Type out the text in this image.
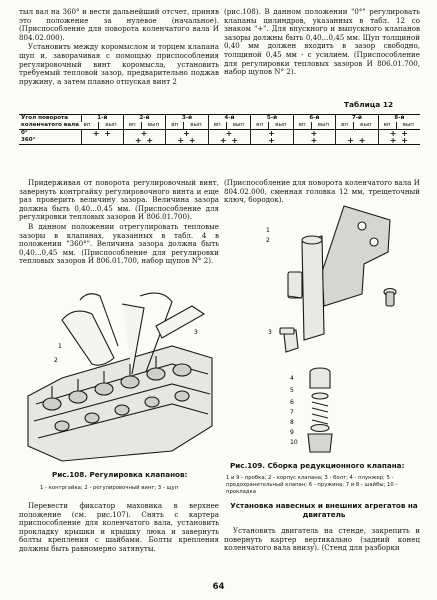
тыл вал на 360° и вести дальнейший отсчет, приняв это положение за нулевое (начальное). (Приспособление для поворота коленчатого вала И 804.02.000).

Установить между коромыслом и торцем клапана щуп и, заворачивая с помощью приспособления регулировочный винт коромысла, установить требуемый тепловой зазор, предварительно поджав пружину, а затем плавно отпуская винт 2

(рис.108). В данном положении "0°" регулировать клапаны цилиндров, указанных в табл. 12 со знаком "+". Для впускного и выпускного клапанов зазоры должны быть 0,40...0,45 мм. Щуп толщиной 0,40 мм должен входить в зазор свободно, толщиной 0,45 мм - с усилием. (Приспособление для регулировки тепловых зазоров И 806.01.700, набор щупов N° 2).

Таблица 12
Угол поворота коленчатого вала	1-й		2-й		3-й		4-й		5-й		6-й		7-й		8-й	
	вп	вып	вп	вып	вп	вып	вп	вып	вп	вып	вп	вып	вп	вып	вп	вып
0°	+ +		+		+		+		+		+				+ +	
360°			+ +		+ +		+ +		+		+		+ +		+ +	

Придерживая от поворота регулировочный винт, завернуть контргайку регулировочного винта и еще раз проверить величину зазора. Величина зазора должна быть 0,40...0,45 мм. (Приспособление для регулировки тепловых зазоров И 806.01.700).

В данном положении отрегулировать тепловые зазоры в клапанах, указанных в табл. 4 в положении "360°". Величина зазора должна быть 0,40...0,45 мм. (Приспособление для регулировки тепловых зазоров И 806.01.700, набор щупов N° 2).

(Приспособление для поворота коленчатого вала И 804.02.000, сменная головка 12 мм, трещеточный ключ, бородок).

1
2
3
Рис.108. Регулировка клапанов:
1 - контргайка; 2 - регулировочный винт; 3 - щуп
1
2
3
4
5
6
7
8
9
10
Рис.109. Сборка редукционного клапана:
1 и 9 - пробка; 2 - корпус клапана; 3 - болт; 4 - плунжер; 5 - предохранительный клапан; 6 - пружина; 7 и 8 - шайбы; 10 - прокладка

Перевести фиксатор маховика в верхнее положение (см. рис.107). Снять с картера приспособление для коленчатого вала, установить прокладку крышки и крышку люка и завернуть болты крепления с шайбами. Болты крепления должны быть равномерно затянуты.

Установка навесных и внешних агрегатов на двигатель

Установить двигатель на стенде, закрепить и повернуть картер вертикально (задний конец коленчатого вала внизу). (Стенд для разборки

64
